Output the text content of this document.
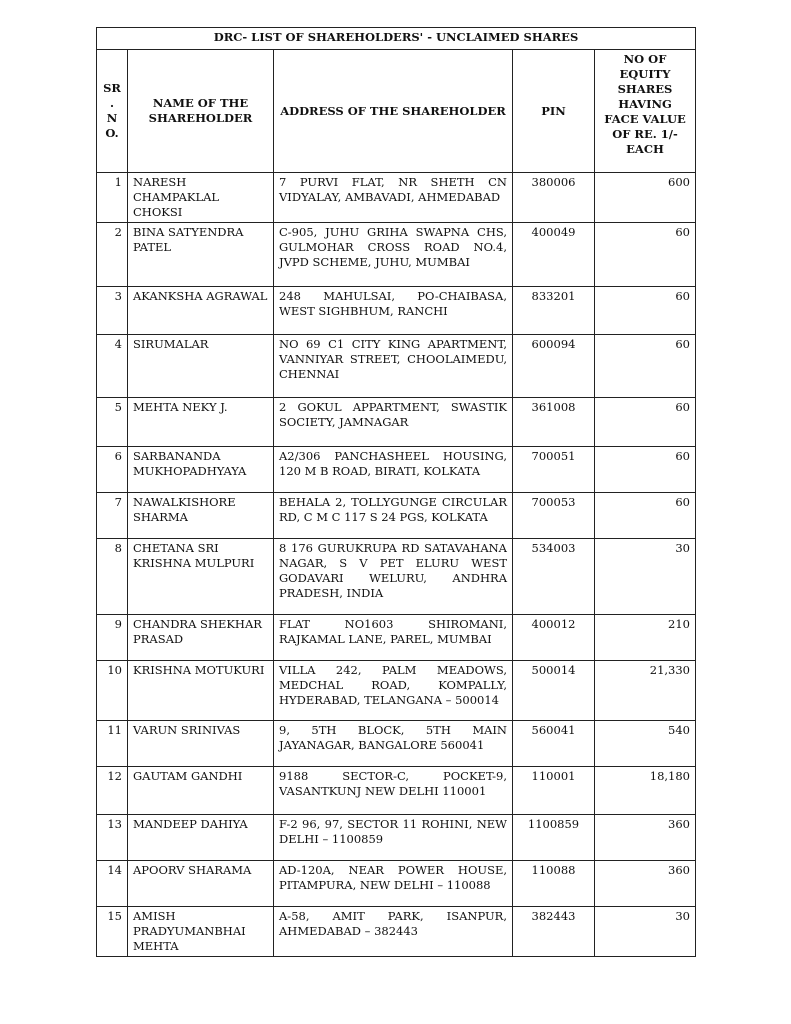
DRC- LIST OF SHAREHOLDERS' - UNCLAIMED SHARES				
SR. NO.	NAME OF THE SHAREHOLDER	ADDRESS OF THE SHAREHOLDER	PIN	NO OF EQUITY SHARES HAVING FACE VALUE OF RE. 1/- EACH
1	NARESH CHAMPAKLAL CHOKSI	7 PURVI FLAT, NR SHETH CN VIDYALAY, AMBAVADI, AHMEDABAD	380006	600
2	BINA SATYENDRA PATEL	C-905, JUHU GRIHA SWAPNA CHS, GULMOHAR CROSS ROAD NO.4, JVPD SCHEME, JUHU, MUMBAI	400049	60
3	AKANKSHA AGRAWAL	248 MAHULSAI, PO-CHAIBASA, WEST SIGHBHUM, RANCHI	833201	60
4	SIRUMALAR	NO 69 C1 CITY KING APARTMENT, VANNIYAR STREET, CHOOLAIMEDU, CHENNAI	600094	60
5	MEHTA NEKY J.	2 GOKUL APPARTMENT, SWASTIK SOCIETY, JAMNAGAR	361008	60
6	SARBANANDA MUKHOPADHYAYA	A2/306 PANCHASHEEL HOUSING, 120 M B ROAD, BIRATI, KOLKATA	700051	60
7	NAWALKISHORE SHARMA	BEHALA 2, TOLLYGUNGE CIRCULAR RD, C M C 117 S 24 PGS, KOLKATA	700053	60
8	CHETANA SRI KRISHNA MULPURI	8 176 GURUKRUPA RD SATAVAHANA NAGAR, S V PET ELURU WEST GODAVARI WELURU, ANDHRA PRADESH, INDIA	534003	30
9	CHANDRA SHEKHAR PRASAD	FLAT NO1603 SHIROMANI, RAJKAMAL LANE, PAREL, MUMBAI	400012	210
10	KRISHNA MOTUKURI	VILLA 242, PALM MEADOWS, MEDCHAL ROAD, KOMPALLY, HYDERABAD, TELANGANA – 500014	500014	21,330
11	VARUN SRINIVAS	9, 5TH BLOCK, 5TH MAIN JAYANAGAR, BANGALORE 560041	560041	540
12	GAUTAM GANDHI	9188 SECTOR-C, POCKET-9, VASANTKUNJ NEW DELHI 110001	110001	18,180
13	MANDEEP DAHIYA	F-2 96, 97, SECTOR 11 ROHINI, NEW DELHI – 1100859	1100859	360
14	APOORV SHARAMA	AD-120A, NEAR POWER HOUSE, PITAMPURA, NEW DELHI – 110088	110088	360
15	AMISH PRADYUMANBHAI MEHTA	A-58, AMIT PARK, ISANPUR, AHMEDABAD – 382443	382443	30
